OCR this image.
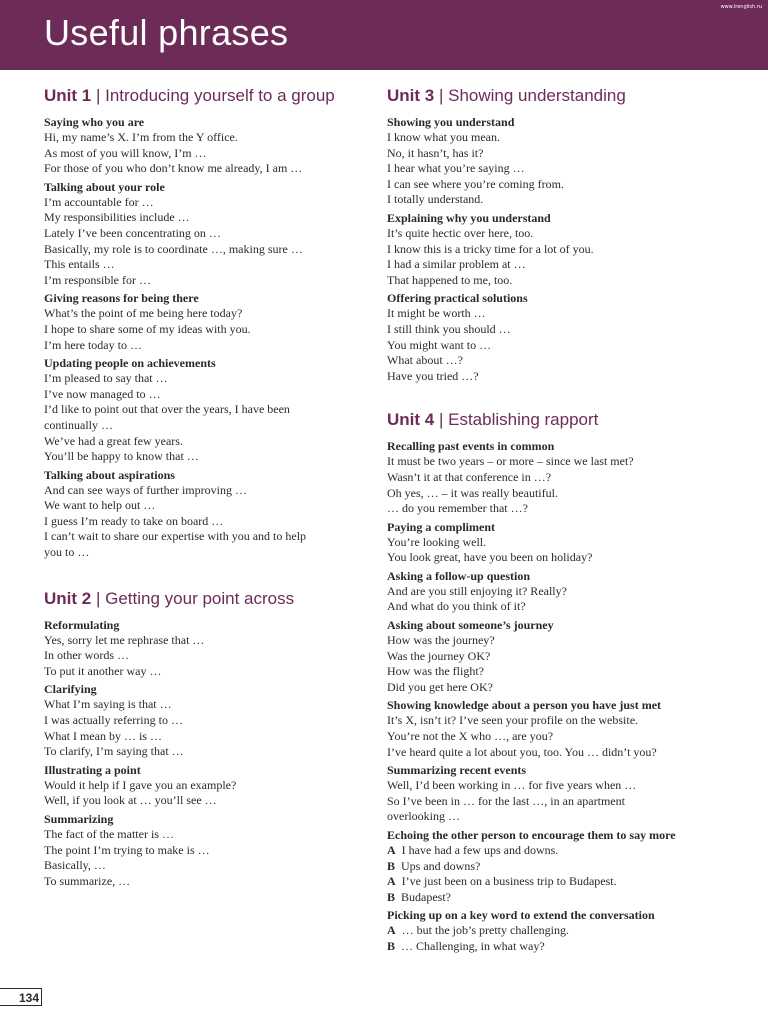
Useful phrases
www.lrenglish.ru
Unit 1 | Introducing yourself to a group
Saying who you are
Hi, my name’s X. I’m from the Y office.
As most of you will know, I’m …
For those of you who don’t know me already, I am …
Talking about your role
I’m accountable for …
My responsibilities include …
Lately I’ve been concentrating on …
Basically, my role is to coordinate …, making sure …
This entails …
I’m responsible for …
Giving reasons for being there
What’s the point of me being here today?
I hope to share some of my ideas with you.
I’m here today to …
Updating people on achievements
I’m pleased to say that …
I’ve now managed to …
I’d like to point out that over the years, I have been
continually …
We’ve had a great few years.
You’ll be happy to know that …
Talking about aspirations
And can see ways of further improving …
We want to help out …
I guess I’m ready to take on board …
I can’t wait to share our expertise with you and to help
you to …
Unit 2 | Getting your point across
Reformulating
Yes, sorry let me rephrase that …
In other words …
To put it another way …
Clarifying
What I’m saying is that …
I was actually referring to …
What I mean by … is …
To clarify, I’m saying that …
Illustrating a point
Would it help if I gave you an example?
Well, if you look at … you’ll see …
Summarizing
The fact of the matter is …
The point I’m trying to make is …
Basically, …
To summarize, …
Unit 3 | Showing understanding
Showing you understand
I know what you mean.
No, it hasn’t, has it?
I hear what you’re saying …
I can see where you’re coming from.
I totally understand.
Explaining why you understand
It’s quite hectic over here, too.
I know this is a tricky time for a lot of you.
I had a similar problem at …
That happened to me, too.
Offering practical solutions
It might be worth …
I still think you should …
You might want to …
What about …?
Have you tried …?
Unit 4 | Establishing rapport
Recalling past events in common
It must be two years – or more – since we last met?
Wasn’t it at that conference in …?
Oh yes, … – it was really beautiful.
… do you remember that …?
Paying a compliment
You’re looking well.
You look great, have you been on holiday?
Asking a follow-up question
And are you still enjoying it? Really?
And what do you think of it?
Asking about someone’s journey
How was the journey?
Was the journey OK?
How was the flight?
Did you get here OK?
Showing knowledge about a person you have just met
It’s X, isn’t it? I’ve seen your profile on the website.
You’re not the X who …, are you?
I’ve heard quite a lot about you, too. You … didn’t you?
Summarizing recent events
Well, I’d been working in … for five years when …
So I’ve been in … for the last …, in an apartment
overlooking …
Echoing the other person to encourage them to say more
A I have had a few ups and downs.
B Ups and downs?
A I’ve just been on a business trip to Budapest.
B Budapest?
Picking up on a key word to extend the conversation
A … but the job’s pretty challenging.
B … Challenging, in what way?
134
